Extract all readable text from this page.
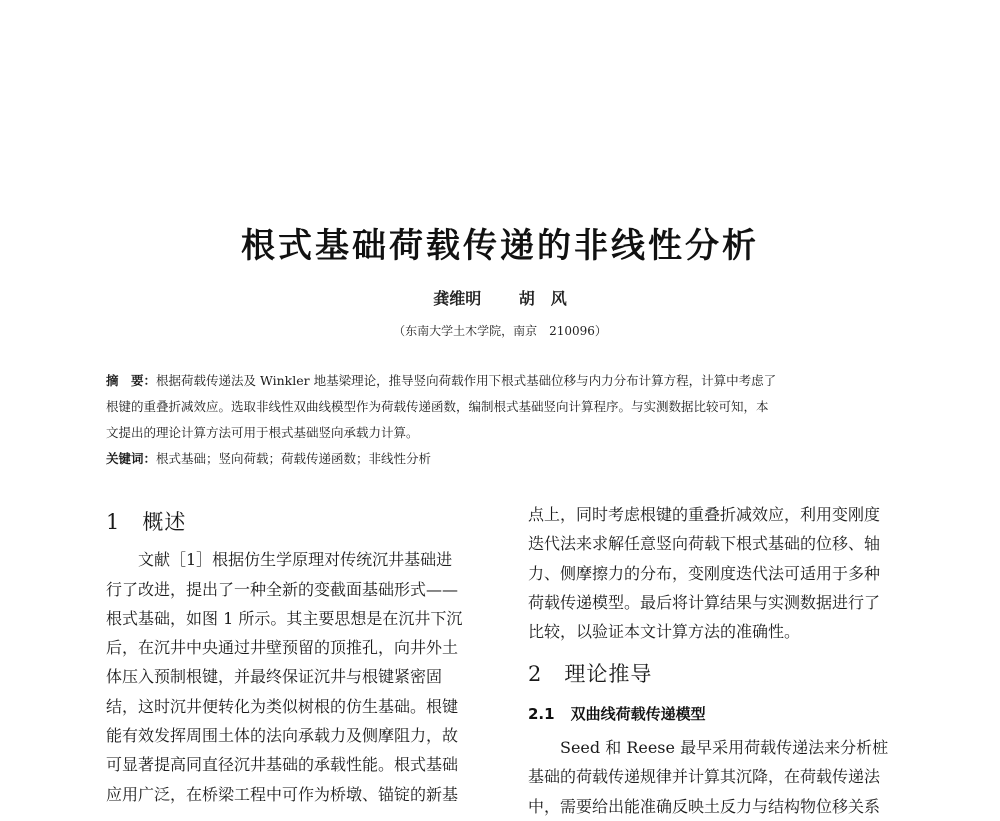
根式基础荷载传递的非线性分析
龚维明 胡　风
（东南大学土木学院，南京　210096）

摘　要：根据荷载传递法及 Winkler 地基梁理论，推导竖向荷载作用下根式基础位移与内力分布计算方程，计算中考虑了

根键的重叠折减效应。选取非线性双曲线模型作为荷载传递函数，编制根式基础竖向计算程序。与实测数据比较可知，本

文提出的理论计算方法可用于根式基础竖向承载力计算。

关键词：根式基础；竖向荷载；荷载传递函数；非线性分析

1 概述

文献［1］根据仿生学原理对传统沉井基础进

行了改进，提出了一种全新的变截面基础形式——

根式基础，如图 1 所示。其主要思想是在沉井下沉

后，在沉井中央通过井壁预留的顶推孔，向井外土

体压入预制根键，并最终保证沉井与根键紧密固

结，这时沉井便转化为类似树根的仿生基础。根键

能有效发挥周围土体的法向承载力及侧摩阻力，故

可显著提高同直径沉井基础的承载性能。根式基础

应用广泛，在桥梁工程中可作为桥墩、锚锭的新基

点上，同时考虑根键的重叠折减效应，利用变刚度

迭代法来求解任意竖向荷载下根式基础的位移、轴

力、侧摩擦力的分布，变刚度迭代法可适用于多种

荷载传递模型。最后将计算结果与实测数据进行了

比较，以验证本文计算方法的准确性。

2 理论推导
2.1 双曲线荷载传递模型

Seed 和 Reese 最早采用荷载传递法来分析桩

基础的荷载传递规律并计算其沉降，在荷载传递法

中，需要给出能准确反映土反力与结构物位移关系
